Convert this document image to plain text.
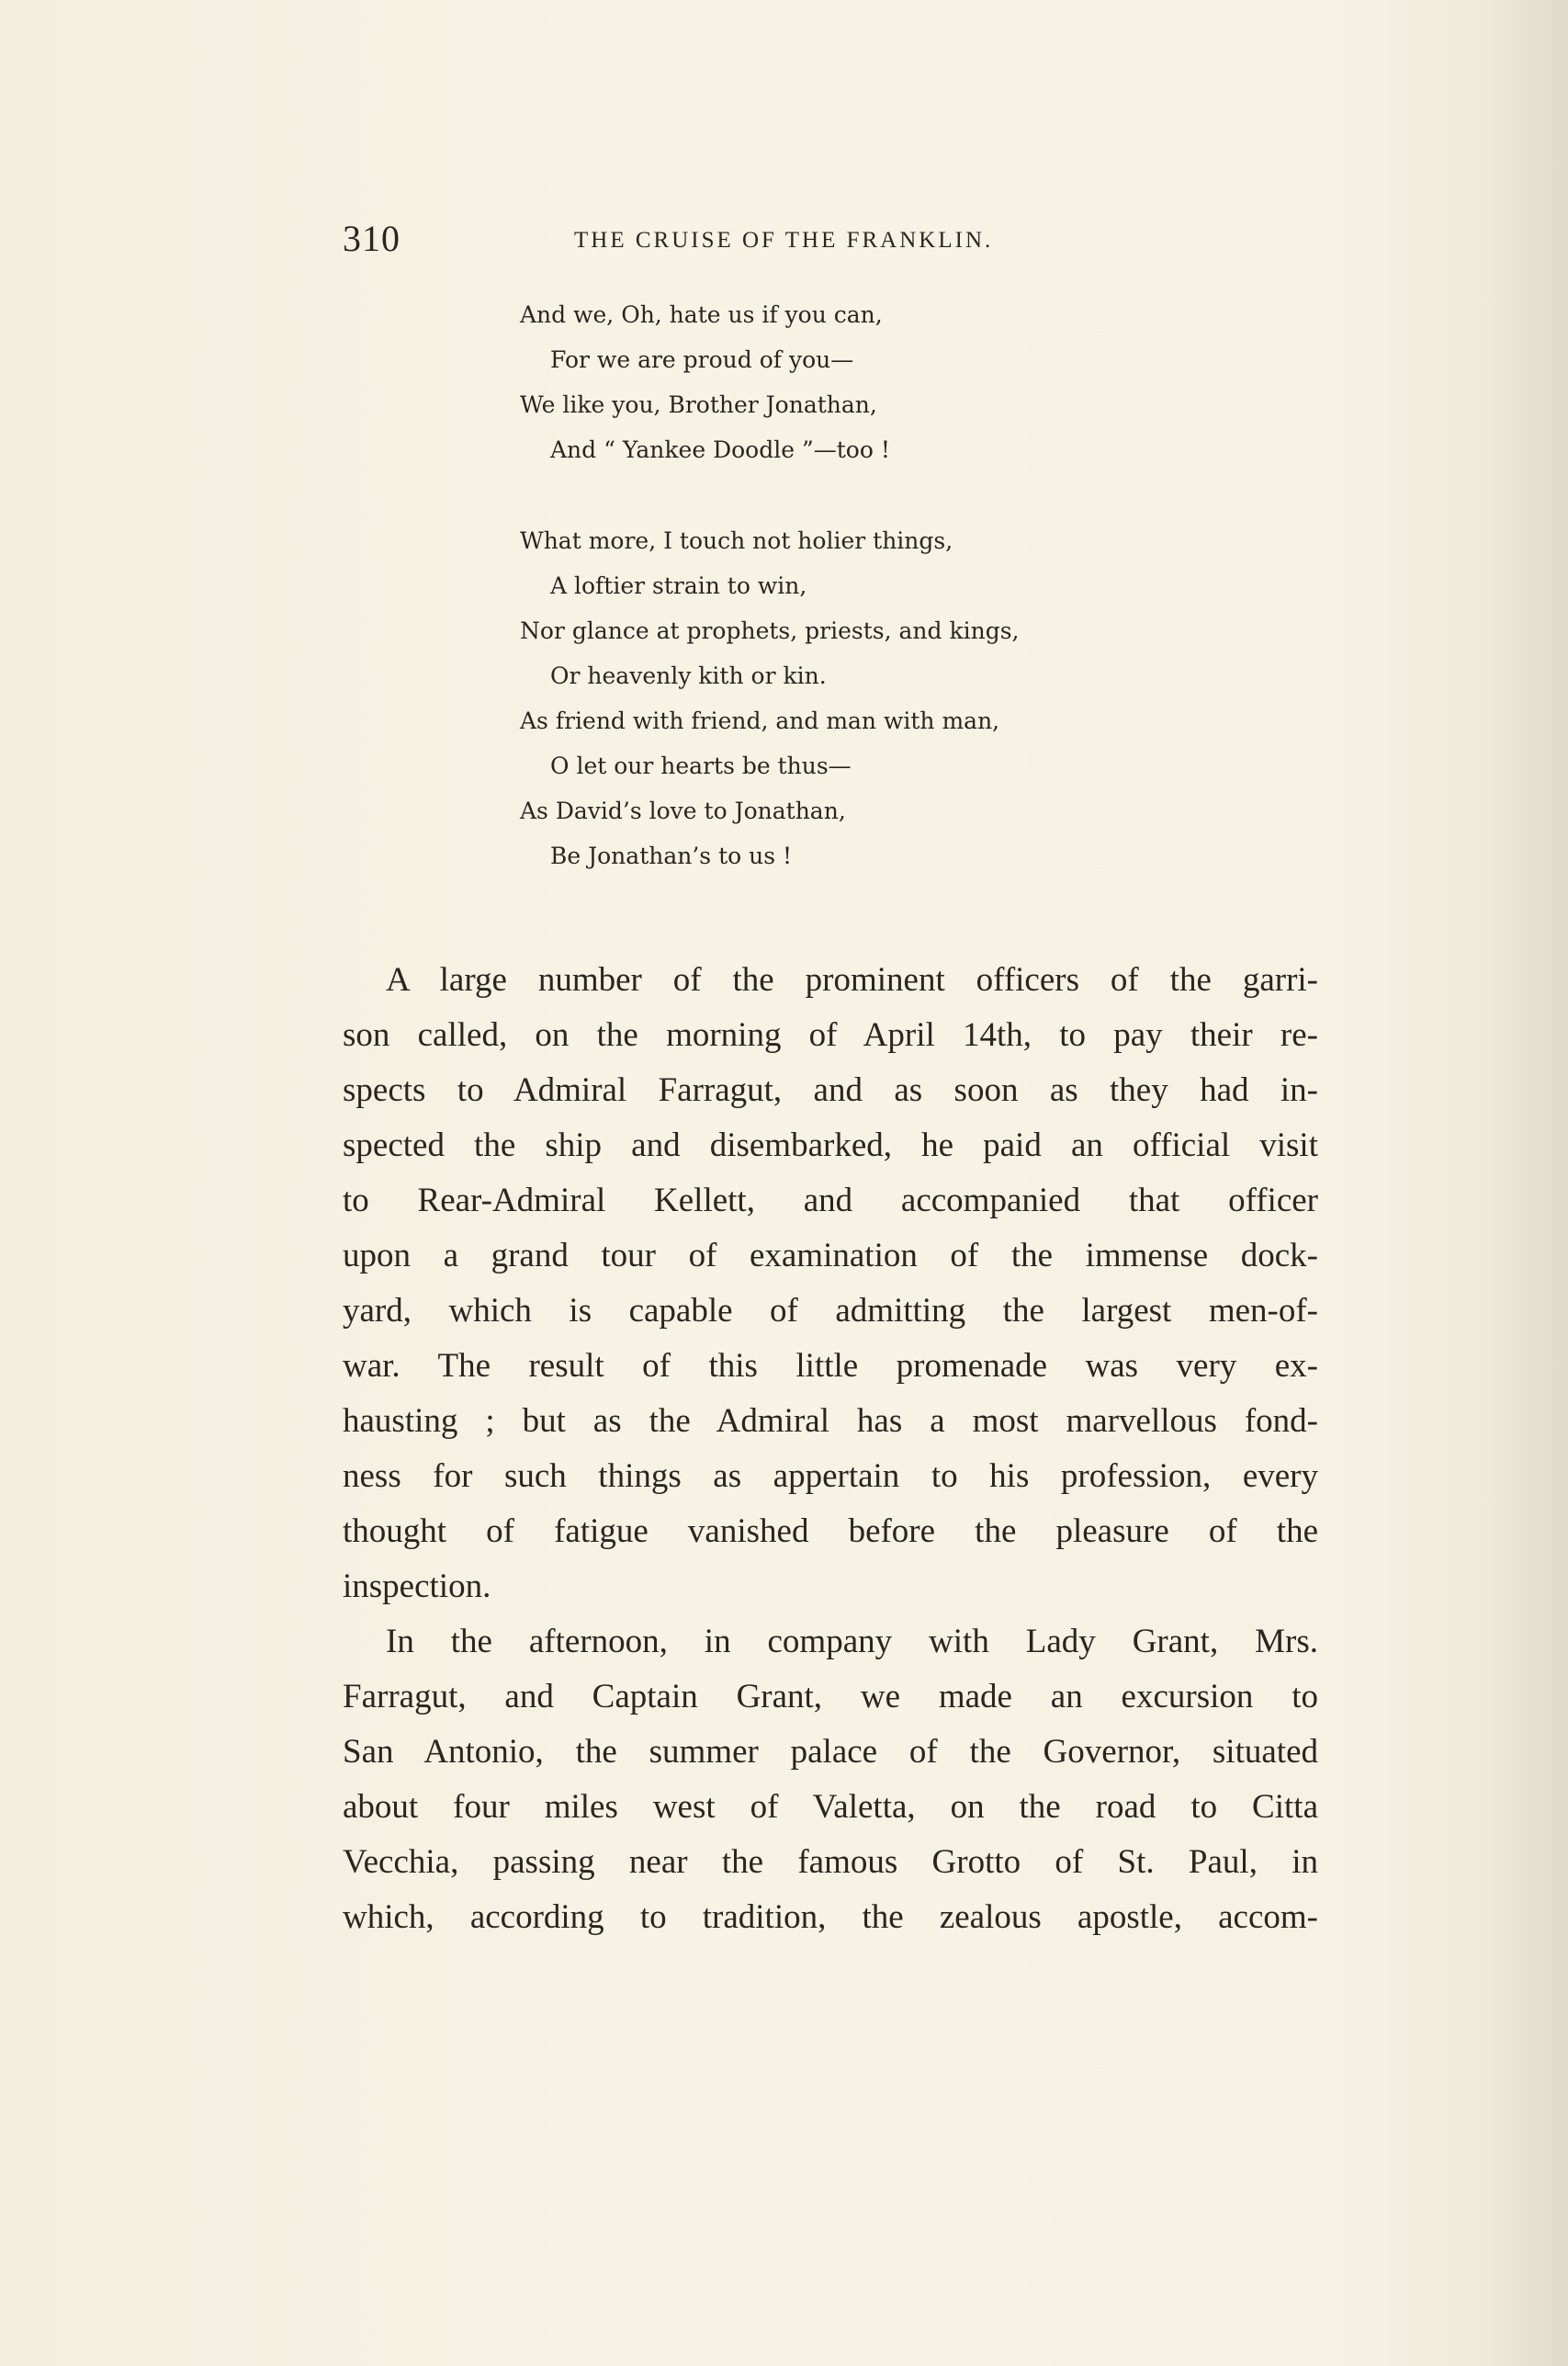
310	THE CRUISE OF THE FRANKLIN.
And we, Oh, hate us if you can,
For we are proud of you—
We like you, Brother Jonathan,
And “ Yankee Doodle ”—too !
What more, I touch not holier things,
A loftier strain to win,
Nor glance at prophets, priests, and kings,
Or heavenly kith or kin.
As friend with friend, and man with man,
O let our hearts be thus—
As David’s love to Jonathan,
Be Jonathan’s to us !
A large number of the prominent officers of the garri-
son called, on the morning of April 14th, to pay their re-
spects to Admiral Farragut, and as soon as they had in-
spected the ship and disembarked, he paid an official visit
to Rear-Admiral Kellett, and accompanied that officer
upon a grand tour of examination of the immense dock-
yard, which is capable of admitting the largest men-of-
war. The result of this little promenade was very ex-
hausting ; but as the Admiral has a most marvellous fond-
ness for such things as appertain to his profession, every
thought of fatigue vanished before the pleasure of the
inspection.
In the afternoon, in company with Lady Grant, Mrs.
Farragut, and Captain Grant, we made an excursion to
San Antonio, the summer palace of the Governor, situated
about four miles west of Valetta, on the road to Citta
Vecchia, passing near the famous Grotto of St. Paul, in
which, according to tradition, the zealous apostle, accom-
